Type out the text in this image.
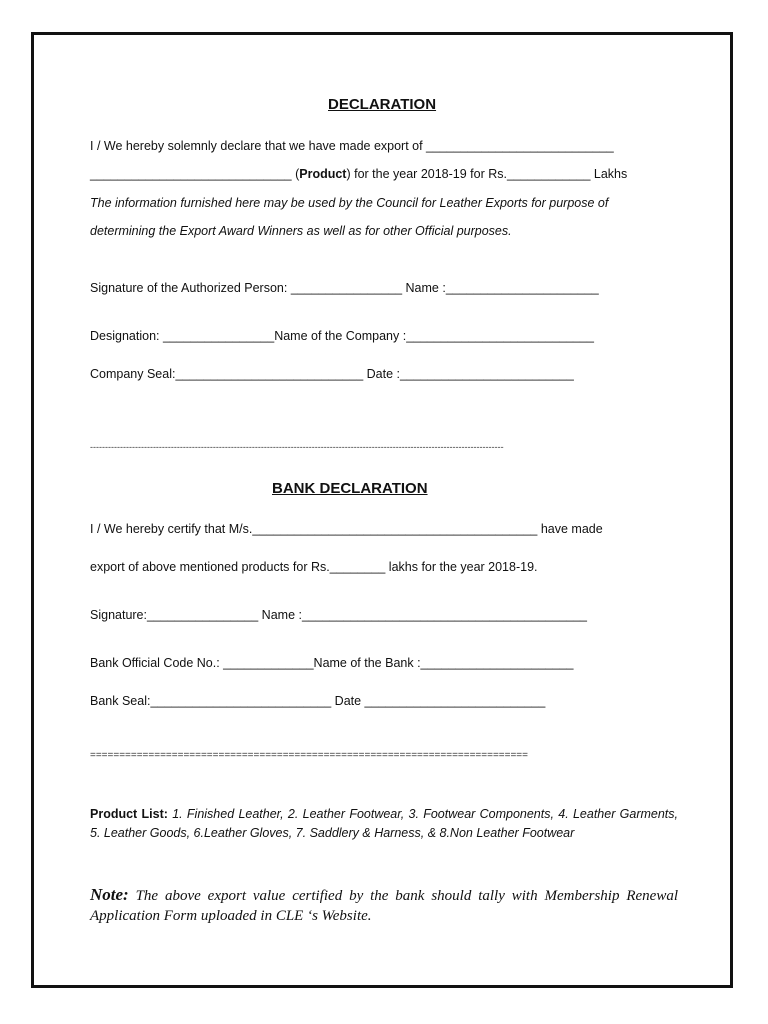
DECLARATION
I / We hereby solemnly declare that we have made export of ___________________________
_____________________________ (Product) for the year 2018-19 for Rs.____________ Lakhs
The information furnished here may be used by the Council for Leather Exports for purpose of
determining the Export Award Winners as well as for other Official purposes.
Signature of the Authorized Person: ________________ Name :______________________
Designation: ________________Name of the Company :___________________________
Company Seal:___________________________ Date :_________________________
------------------------------------------------------------------------------------------------------------------------------------------
BANK DECLARATION
I / We hereby certify that M/s._________________________________________ have made
export of above mentioned products for Rs.________ lakhs for the year 2018-19.
Signature:________________ Name :_________________________________________
Bank Official Code No.: _____________Name of the Bank :______________________
Bank Seal:__________________________ Date __________________________
===========================================================================
Product List: 1. Finished Leather, 2. Leather Footwear, 3. Footwear Components, 4. Leather Garments, 5. Leather Goods, 6.Leather Gloves, 7. Saddlery & Harness, & 8.Non Leather Footwear
Note: The above export value certified by the bank should tally with Membership Renewal Application Form uploaded in CLE ‘s Website.
